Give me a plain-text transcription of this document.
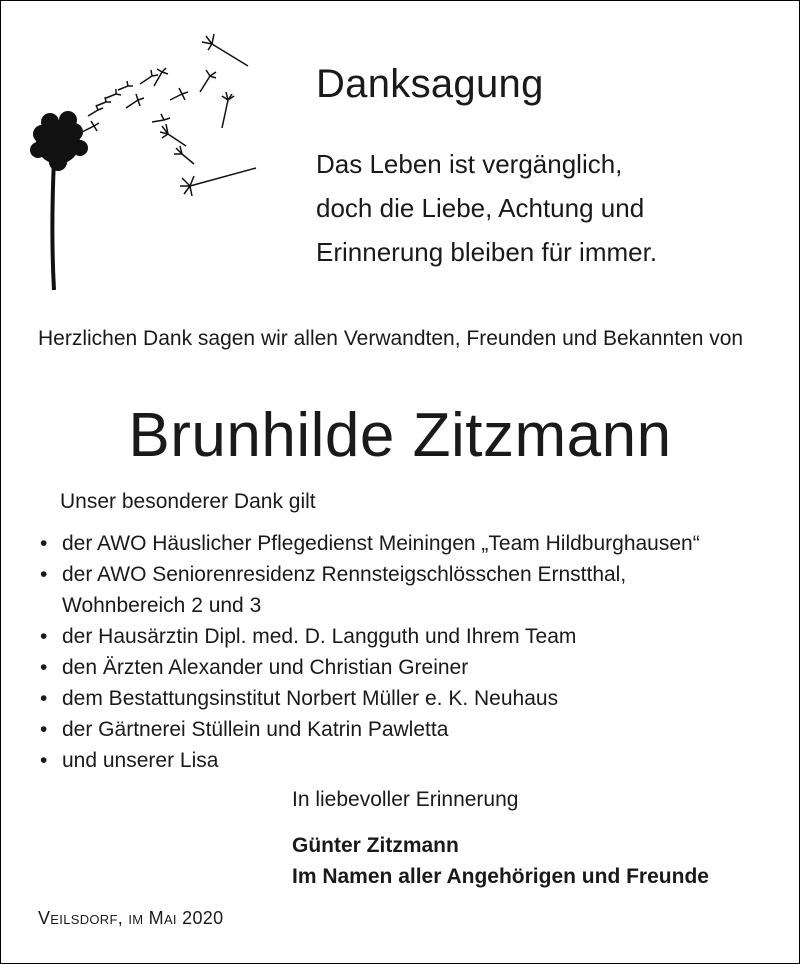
Danksagung
Das Leben ist vergänglich,
doch die Liebe, Achtung und
Erinnerung bleiben für immer.

Herzlichen Dank sagen wir allen Verwandten, Freunden und Bekannten von

Brunhilde Zitzmann

Unser besonderer Dank gilt

• der AWO Häuslicher Pflegedienst Meiningen „Team Hildburghausen“
• der AWO Seniorenresidenz Rennsteigschlösschen Ernstthal,
Wohnbereich 2 und 3
• der Hausärztin Dipl. med. D. Langguth und Ihrem Team
• den Ärzten Alexander und Christian Greiner
• dem Bestattungsinstitut Norbert Müller e. K. Neuhaus
• der Gärtnerei Stüllein und Katrin Pawletta
• und unserer Lisa

In liebevoller Erinnerung

Günter Zitzmann
Im Namen aller Angehörigen und Freunde

Veilsdorf, im Mai 2020
